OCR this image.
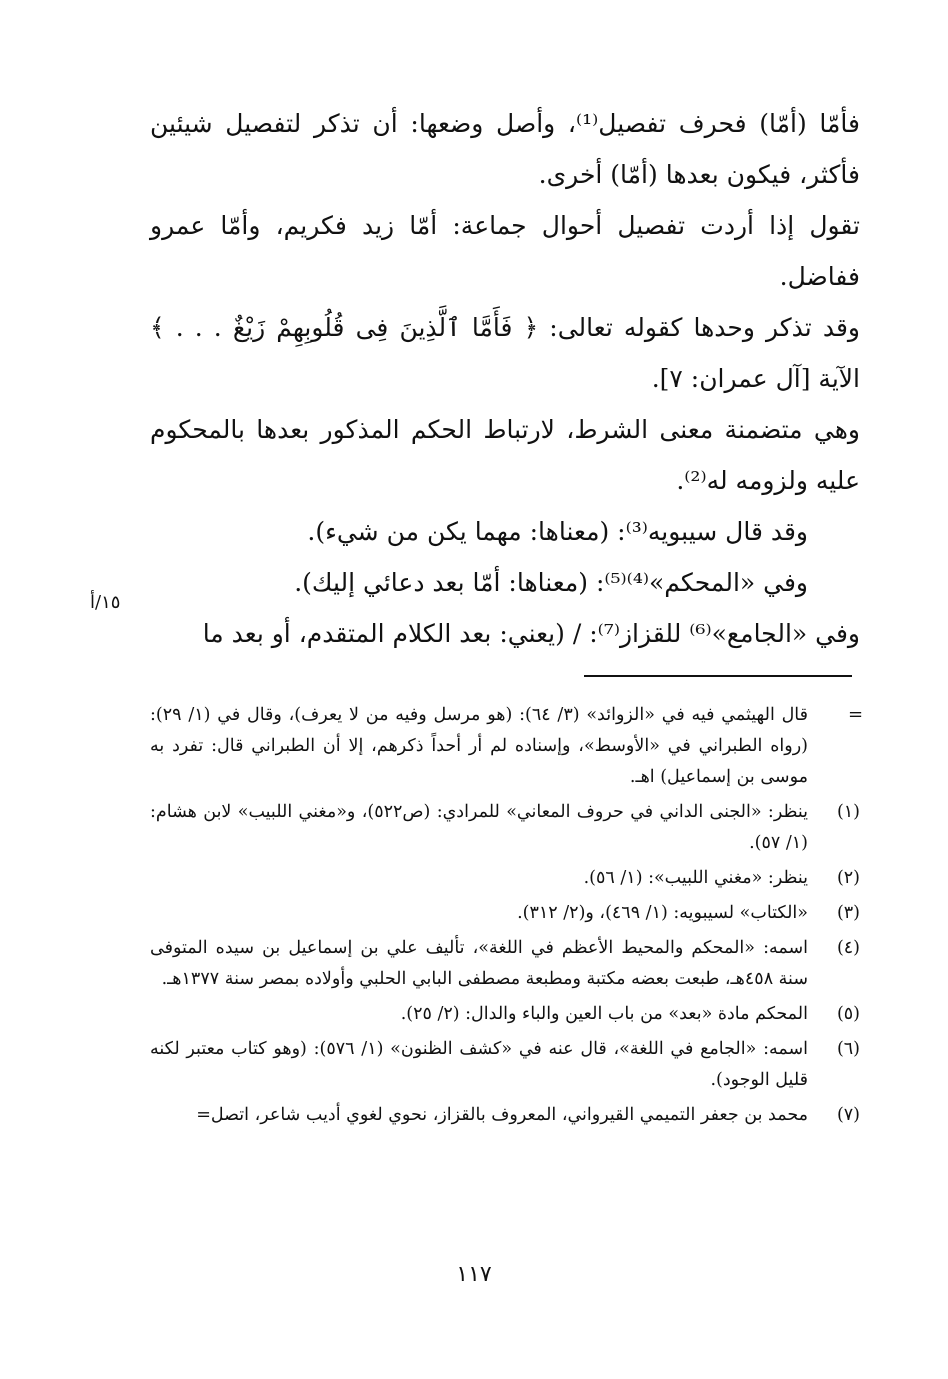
فأمّا (أمّا) فحرف تفصيل⁽¹⁾، وأصل وضعها: أن تذكر لتفصيل شيئين فأكثر، فيكون بعدها (أمّا) أخرى.

تقول إذا أردت تفصيل أحوال جماعة: أمّا زيد فكريم، وأمّا عمرو ففاضل.

وقد تذكر وحدها كقوله تعالى: ﴿ فَأَمَّا ٱلَّذِينَ فِى قُلُوبِهِمْ زَيْغٌ . . . ﴾ الآية [آل عمران: ٧].

وهي متضمنة معنى الشرط، لارتباط الحكم المذكور بعدها بالمحكوم عليه ولزومه له⁽²⁾.

وقد قال سيبويه⁽³⁾: (معناها: مهما يكن من شيء).

وفي «المحكم»⁽⁴⁾⁽⁵⁾: (معناها: أمّا بعد دعائي إليك).

وفي «الجامع»⁽⁶⁾ للقزاز⁽⁷⁾: / (يعني: بعد الكلام المتقدم، أو بعد ما

١٥/أ
=
قال الهيثمي فيه في «الزوائد» (٣/ ٦٤): (هو مرسل وفيه من لا يعرف)، وقال في (١/ ٢٩): (رواه الطبراني في «الأوسط»، وإسناده لم أر أحداً ذكرهم، إلا أن الطبراني قال: تفرد به موسى بن إسماعيل) اهـ.
(١)
ينظر: «الجنى الداني في حروف المعاني» للمرادي: (ص٥٢٢)، و«مغني اللبيب» لابن هشام: (١/ ٥٧).
(٢)
ينظر: «مغني اللبيب»: (١/ ٥٦).
(٣)
«الكتاب» لسيبويه: (١/ ٤٦٩)، و(٢/ ٣١٢).
(٤)
اسمه: «المحكم والمحيط الأعظم في اللغة»، تأليف علي بن إسماعيل بن سيده المتوفى سنة ٤٥٨هـ، طبعت بعضه مكتبة ومطبعة مصطفى البابي الحلبي وأولاده بمصر سنة ١٣٧٧هـ.
(٥)
المحكم مادة «بعد» من باب العين والباء والدال: (٢/ ٢٥).
(٦)
اسمه: «الجامع في اللغة»، قال عنه في «كشف الظنون» (١/ ٥٧٦): (وهو كتاب معتبر لكنه قليل الوجود).
(٧)
محمد بن جعفر التميمي القيرواني، المعروف بالقزاز، نحوي لغوي أديب شاعر، اتصل=
١١٧
